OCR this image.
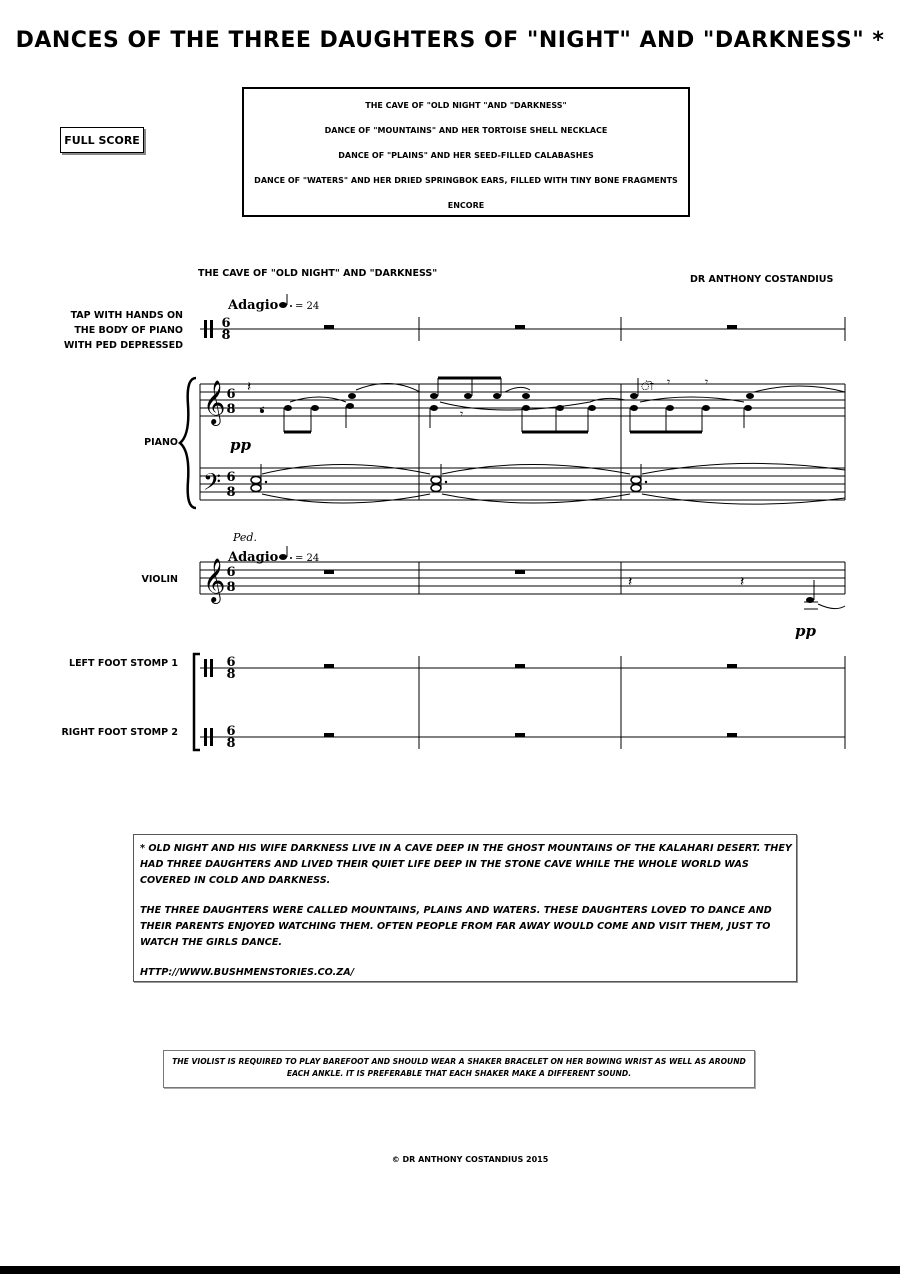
DANCES OF THE THREE DAUGHTERS OF "NIGHT" AND "DARKNESS" *
FULL SCORE
THE CAVE OF "OLD NIGHT "AND "DARKNESS"
DANCE OF "MOUNTAINS" AND HER TORTOISE SHELL NECKLACE
DANCE OF "PLAINS" AND HER SEED-FILLED CALABASHES
DANCE OF "WATERS" AND HER DRIED SPRINGBOK EARS, FILLED WITH TINY BONE FRAGMENTS
ENCORE
THE CAVE OF "OLD NIGHT" AND "DARKNESS"
DR ANTHONY COSTANDIUS
TAP WITH HANDS ON
THE BODY OF PIANO
WITH PED DEPRESSED
PIANO
VIOLIN
LEFT FOOT STOMP 1
RIGHT FOOT STOMP 2
Adagio = 24
6
8
𝄞 6
8
𝄽
pp
𝄾
ৗ 𝄾	𝄾
𝄢 6
8
Ped.
Adagio = 24
𝄞 6
8	𝄽	𝄽
pp
6
8
6
8

* OLD NIGHT AND HIS WIFE DARKNESS LIVE IN A CAVE DEEP IN THE GHOST MOUNTAINS OF THE KALAHARI DESERT. THEY HAD THREE DAUGHTERS AND LIVED THEIR QUIET LIFE DEEP IN THE STONE CAVE WHILE THE WHOLE WORLD WAS COVERED IN COLD AND DARKNESS.

THE THREE DAUGHTERS WERE CALLED MOUNTAINS, PLAINS AND WATERS. THESE DAUGHTERS LOVED TO DANCE AND THEIR PARENTS ENJOYED WATCHING THEM. OFTEN PEOPLE FROM FAR AWAY WOULD COME AND VISIT THEM, JUST TO WATCH THE GIRLS DANCE.

HTTP://WWW.BUSHMENSTORIES.CO.ZA/

THE VIOLIST IS REQUIRED TO PLAY BAREFOOT AND SHOULD WEAR A SHAKER BRACELET ON HER BOWING WRIST AS WELL AS AROUND EACH ANKLE. IT IS PREFERABLE THAT EACH SHAKER MAKE A DIFFERENT SOUND.
© DR ANTHONY COSTANDIUS 2015
